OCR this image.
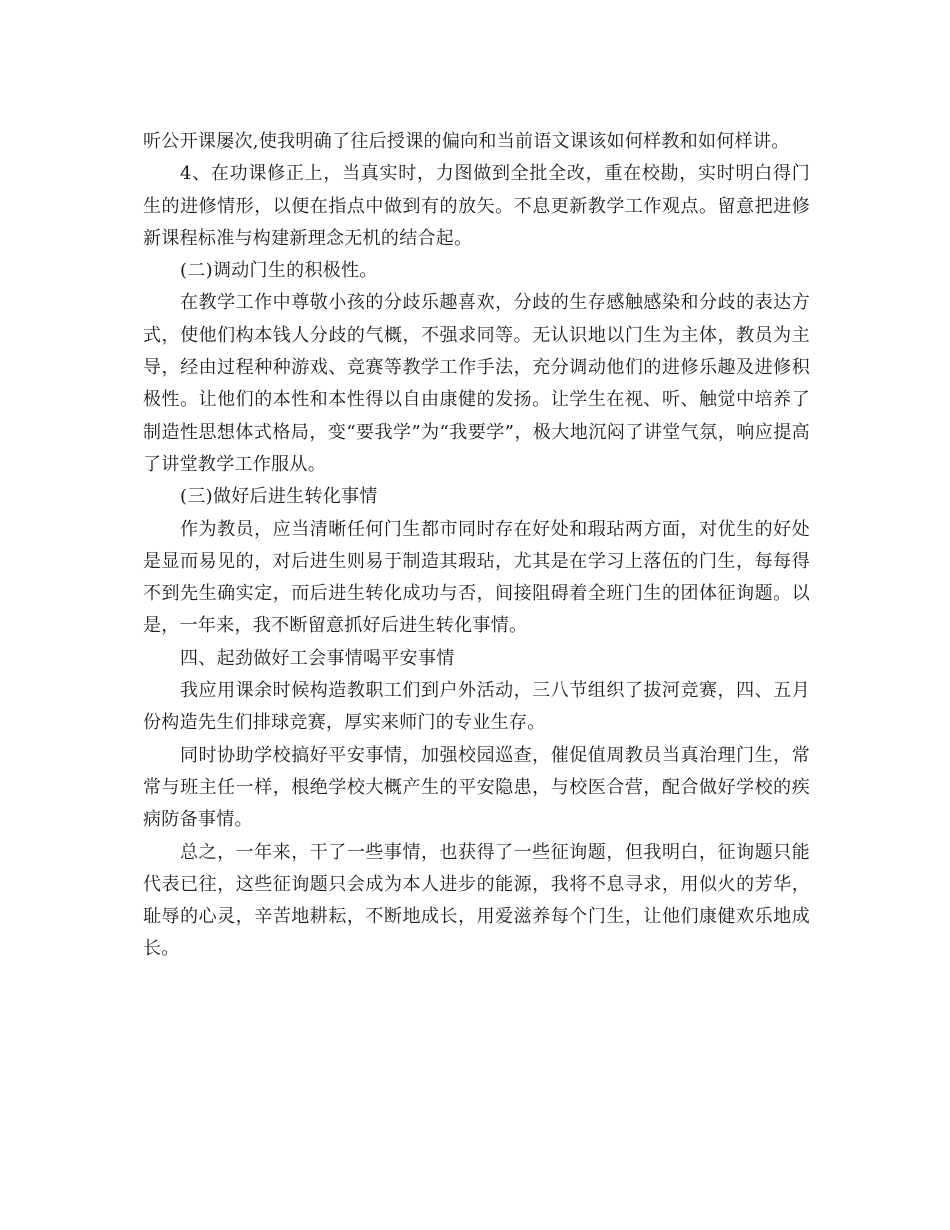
听公开课屡次,使我明确了往后授课的偏向和当前语文课该如何样教和如何样讲。

4、在功课修正上，当真实时，力图做到全批全改，重在校勘，实时明白得门生的进修情形，以便在指点中做到有的放矢。不息更新教学工作观点。留意把进修新课程标准与构建新理念无机的结合起。

(二)调动门生的积极性。

在教学工作中尊敬小孩的分歧乐趣喜欢，分歧的生存感触感染和分歧的表达方式，使他们构本钱人分歧的气概，不强求同等。无认识地以门生为主体，教员为主导，经由过程种种游戏、竞赛等教学工作手法，充分调动他们的进修乐趣及进修积极性。让他们的本性和本性得以自由康健的发扬。让学生在视、听、触觉中培养了制造性思想体式格局，变“要我学”为“我要学”，极大地沉闷了讲堂气氛，响应提高了讲堂教学工作服从。

(三)做好后进生转化事情

作为教员，应当清晰任何门生都市同时存在好处和瑕玷两方面，对优生的好处是显而易见的，对后进生则易于制造其瑕玷，尤其是在学习上落伍的门生，每每得不到先生确实定，而后进生转化成功与否，间接阻碍着全班门生的团体征询题。以是，一年来，我不断留意抓好后进生转化事情。

四、起劲做好工会事情喝平安事情

我应用课余时候构造教职工们到户外活动，三八节组织了拔河竞赛，四、五月份构造先生们排球竞赛，厚实来师门的专业生存。

同时协助学校搞好平安事情，加强校园巡查，催促值周教员当真治理门生，常常与班主任一样，根绝学校大概产生的平安隐患，与校医合营，配合做好学校的疾病防备事情。

总之，一年来，干了一些事情，也获得了一些征询题，但我明白，征询题只能代表已往，这些征询题只会成为本人进步的能源，我将不息寻求，用似火的芳华，耻辱的心灵，辛苦地耕耘，不断地成长，用爱滋养每个门生，让他们康健欢乐地成长。
